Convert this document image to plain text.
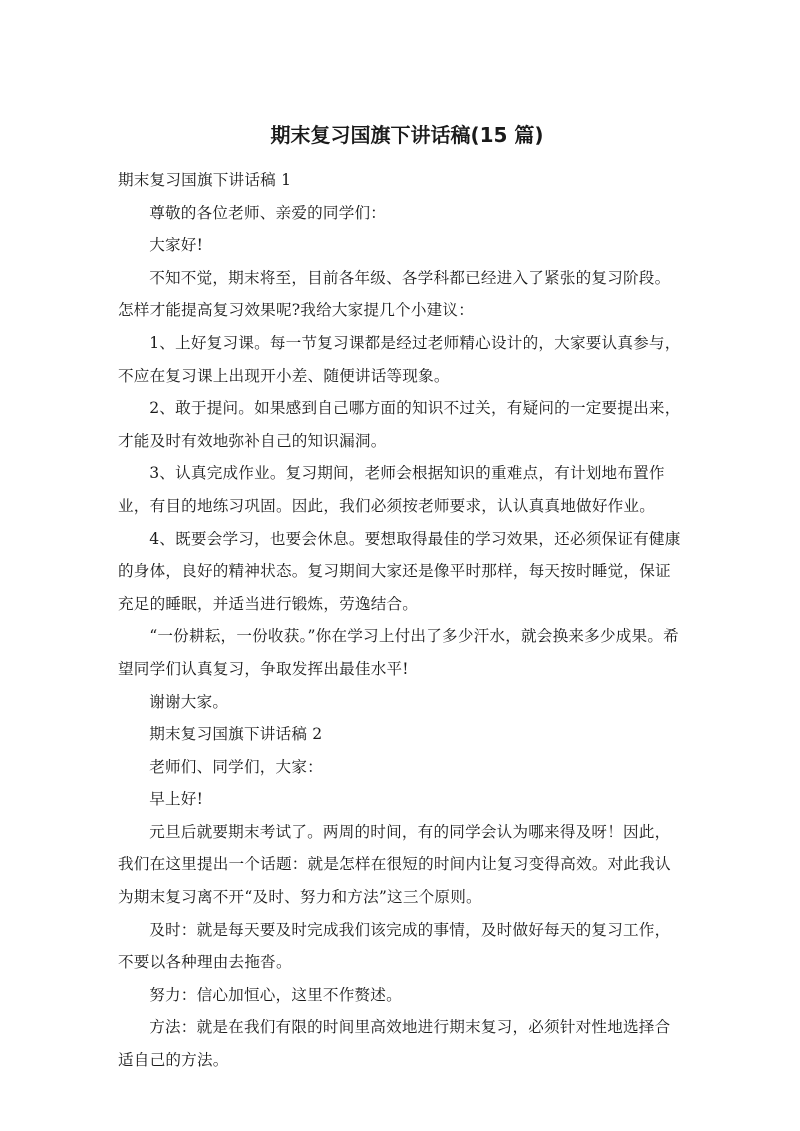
期末复习国旗下讲话稿(15 篇)

期末复习国旗下讲话稿 1

尊敬的各位老师、亲爱的同学们：

大家好!

不知不觉，期末将至，目前各年级、各学科都已经进入了紧张的复习阶段。怎样才能提高复习效果呢?我给大家提几个小建议：

1、上好复习课。每一节复习课都是经过老师精心设计的，大家要认真参与，不应在复习课上出现开小差、随便讲话等现象。

2、敢于提问。如果感到自己哪方面的知识不过关，有疑问的一定要提出来，才能及时有效地弥补自己的知识漏洞。

3、认真完成作业。复习期间，老师会根据知识的重难点，有计划地布置作业，有目的地练习巩固。因此，我们必须按老师要求，认认真真地做好作业。

4、既要会学习，也要会休息。要想取得最佳的学习效果，还必须保证有健康的身体，良好的精神状态。复习期间大家还是像平时那样，每天按时睡觉，保证充足的睡眠，并适当进行锻炼，劳逸结合。

“一份耕耘，一份收获。”你在学习上付出了多少汗水，就会换来多少成果。希望同学们认真复习，争取发挥出最佳水平!

谢谢大家。

期末复习国旗下讲话稿 2

老师们、同学们，大家：

早上好!

元旦后就要期末考试了。两周的时间，有的同学会认为哪来得及呀！因此，我们在这里提出一个话题：就是怎样在很短的时间内让复习变得高效。对此我认为期末复习离不开“及时、努力和方法”这三个原则。

及时：就是每天要及时完成我们该完成的事情，及时做好每天的复习工作，不要以各种理由去拖沓。

努力：信心加恒心，这里不作赘述。

方法：就是在我们有限的时间里高效地进行期末复习，必须针对性地选择合适自己的方法。
